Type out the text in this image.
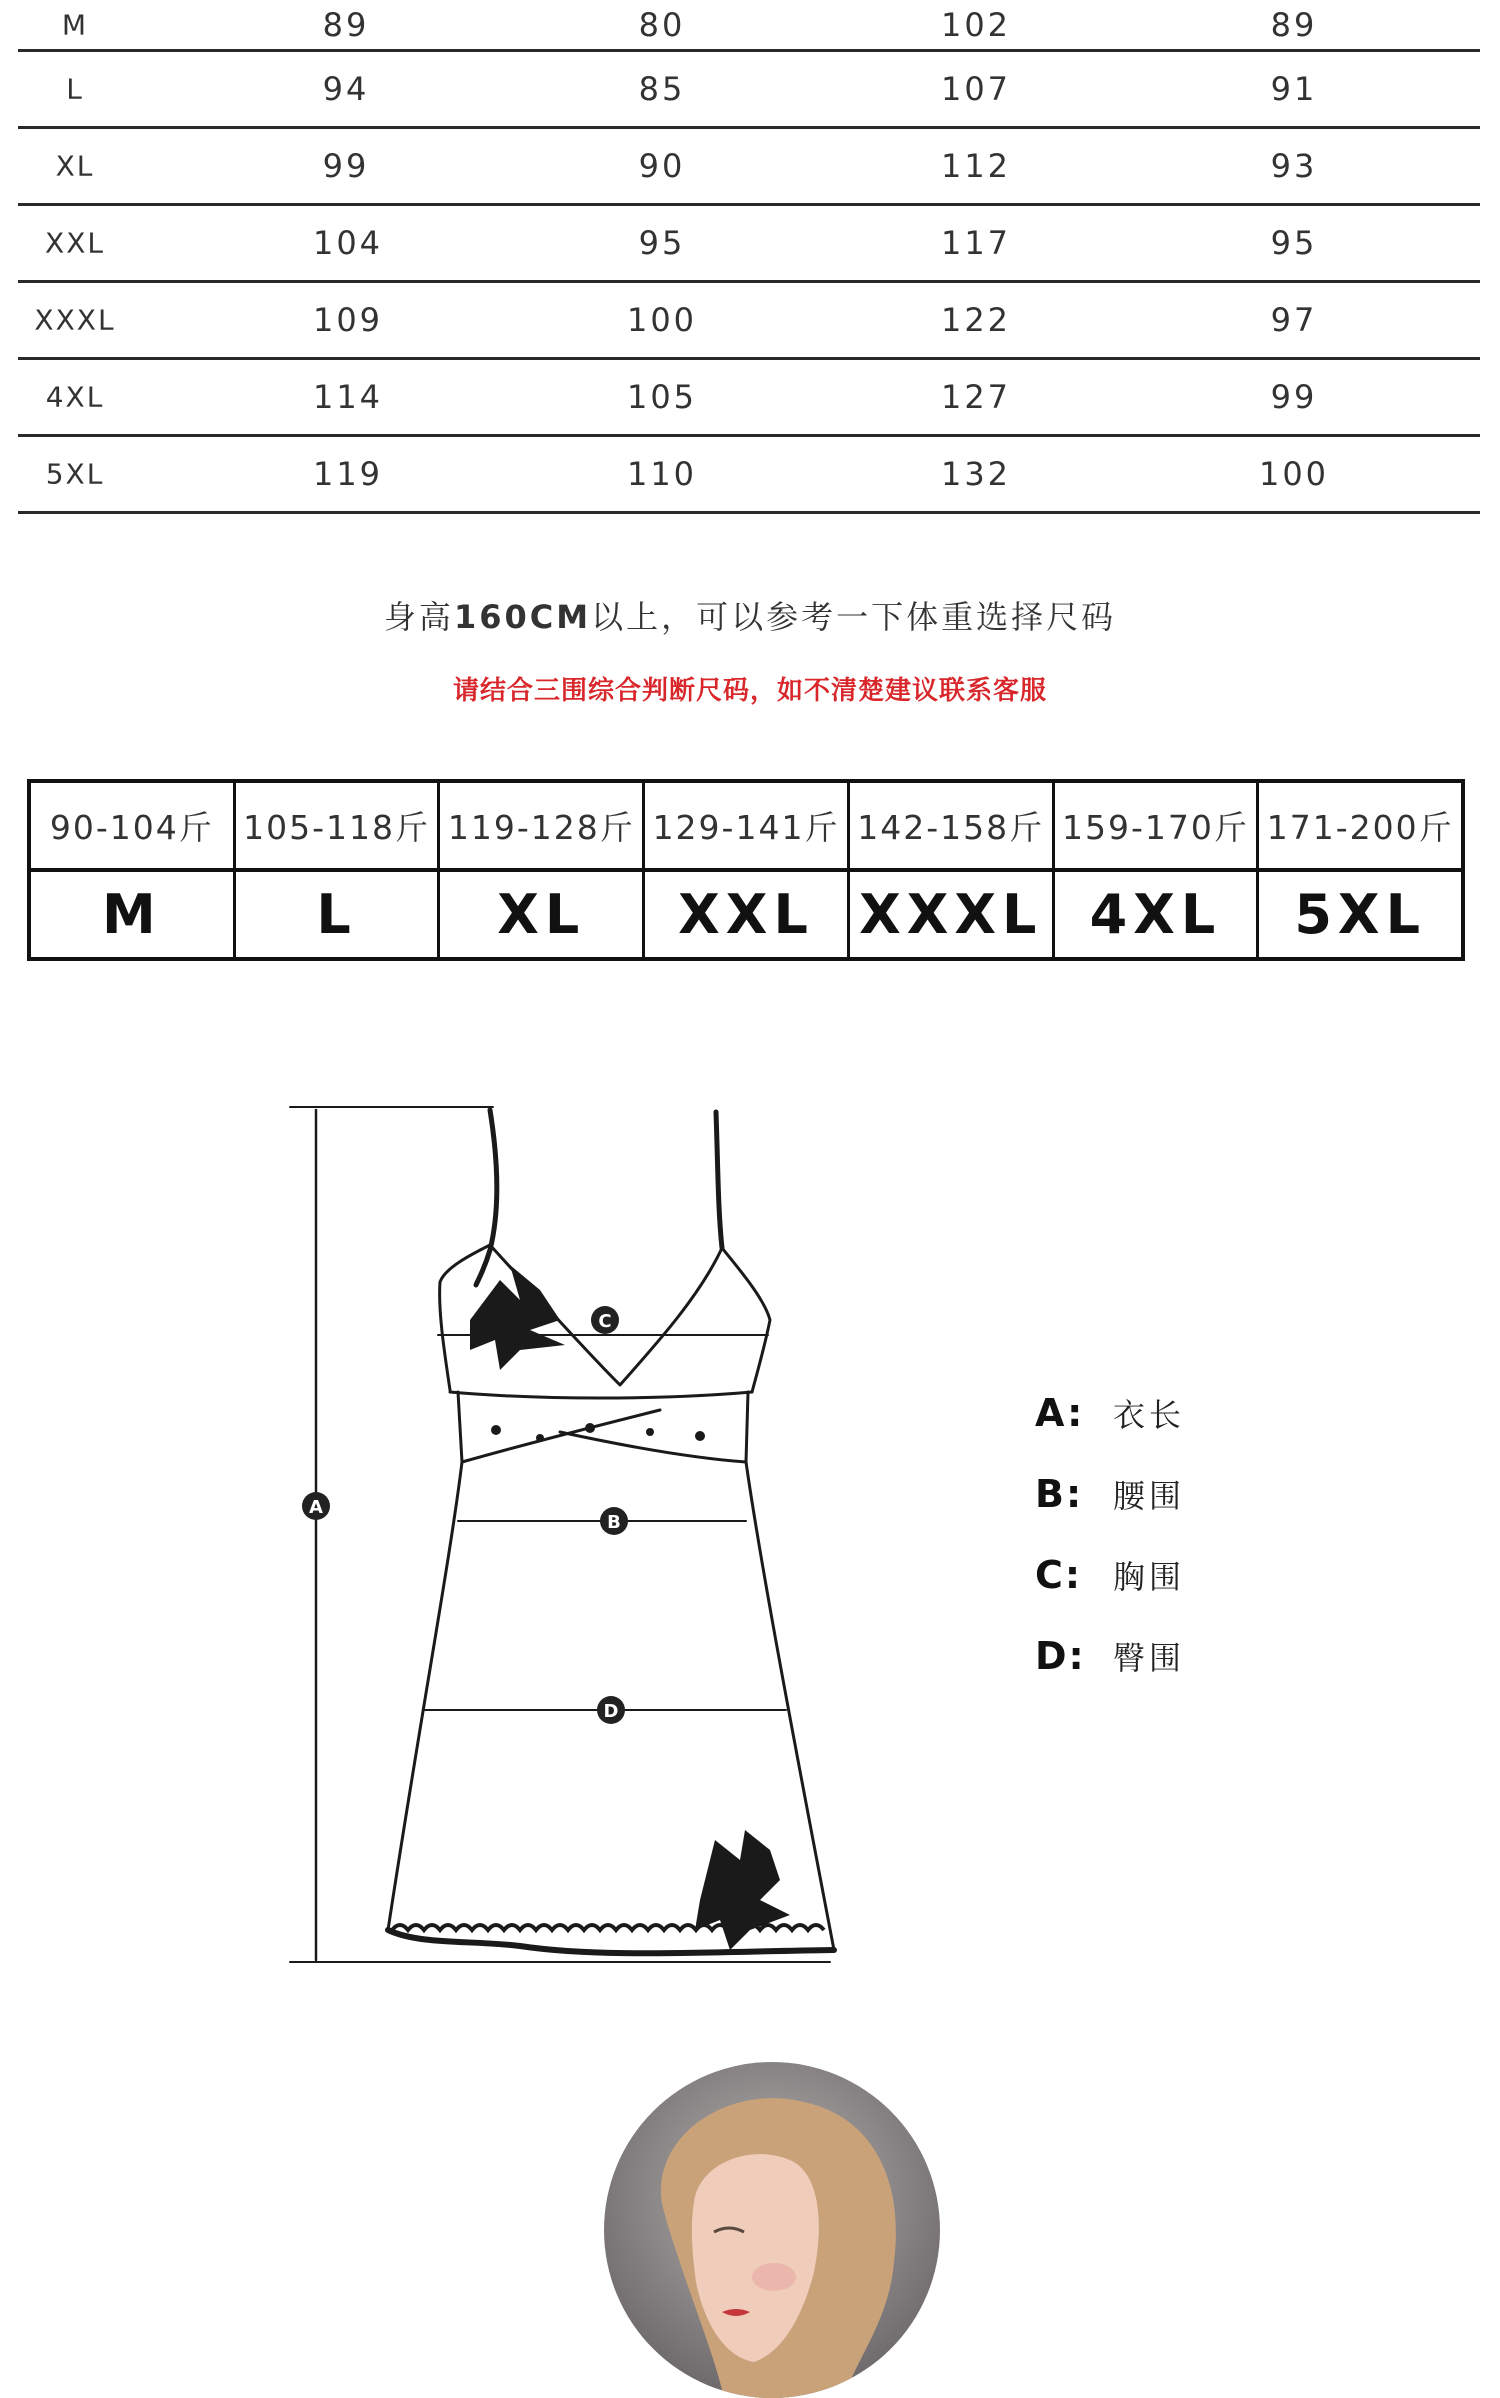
M	89	80	102	89
L	94	85	107	91
XL	99	90	112	93
XXL	104	95	117	95
XXXL	109	100	122	97
4XL	114	105	127	99
5XL	119	110	132	100
身高160CM以上，可以参考一下体重选择尺码
请结合三围综合判断尺码，如不清楚建议联系客服
90-104斤 105-118斤 119-128斤 129-141斤 142-158斤 159-170斤 171-200斤
M	L	XL	XXL XXXL 4XL	5XL
A
B
C
D
A: 衣长
B: 腰围
C: 胸围
D: 臀围
